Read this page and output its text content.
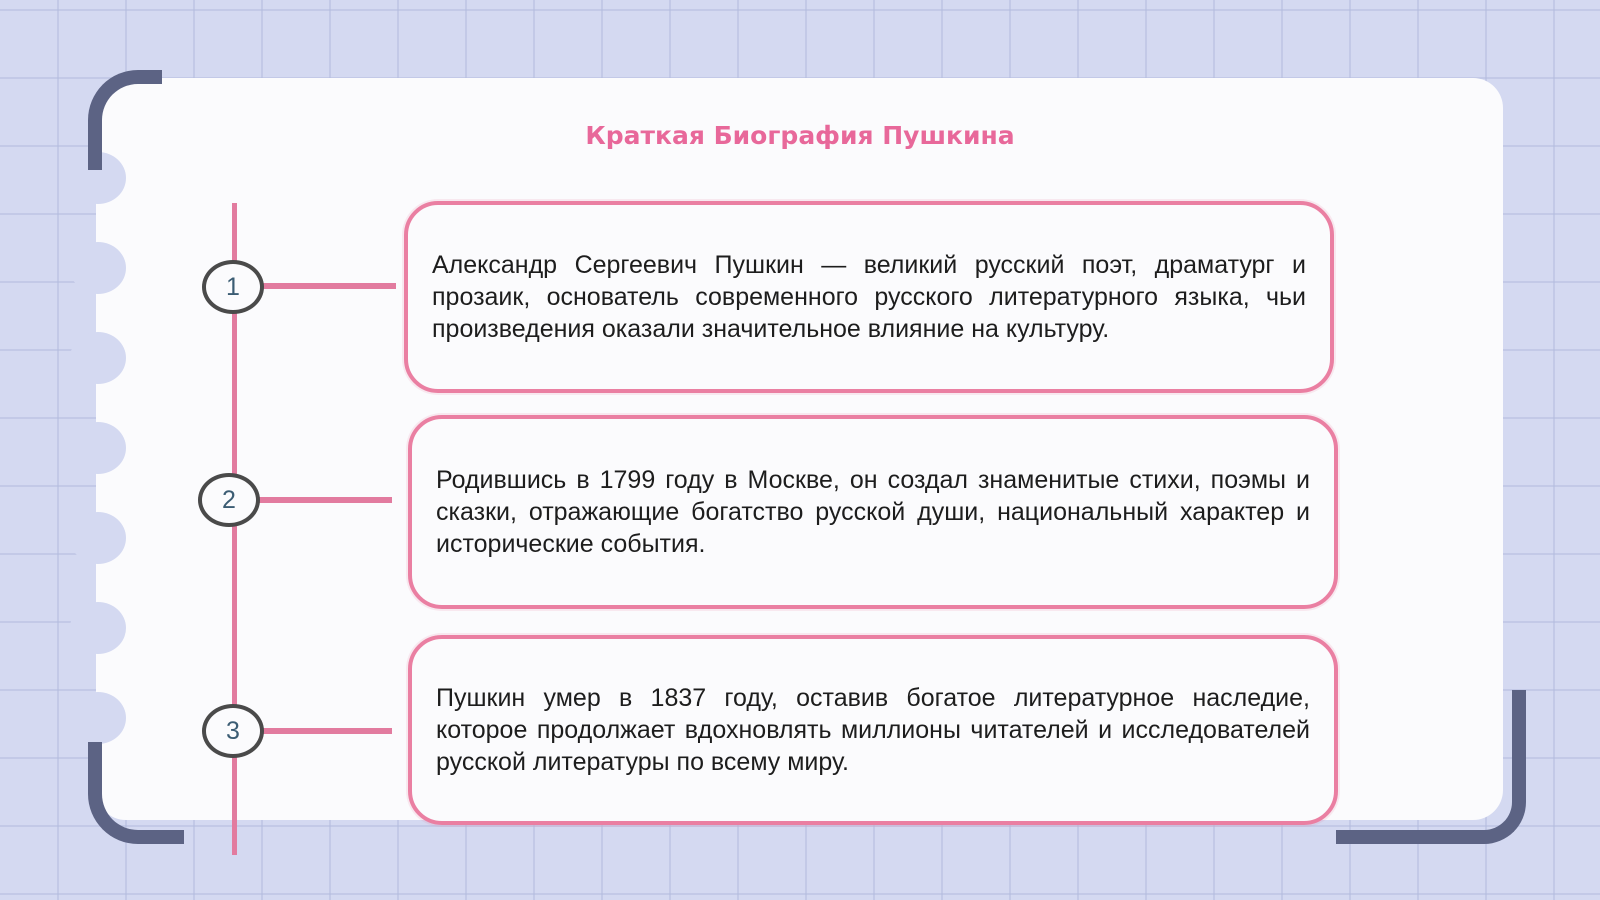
Краткая Биография Пушкина
1
2
3

Александр Сергеевич Пушкин — великий русский поэт, драматург и прозаик, основатель современного русского литературного языка, чьи произведения оказали значительное влияние на культуру.

Родившись в 1799 году в Москве, он создал знаменитые стихи, поэмы и сказки, отражающие богатство русской души, национальный характер и исторические события.

Пушкин умер в 1837 году, оставив богатое литературное наследие, которое продолжает вдохновлять миллионы читателей и исследователей русской литературы по всему миру.
